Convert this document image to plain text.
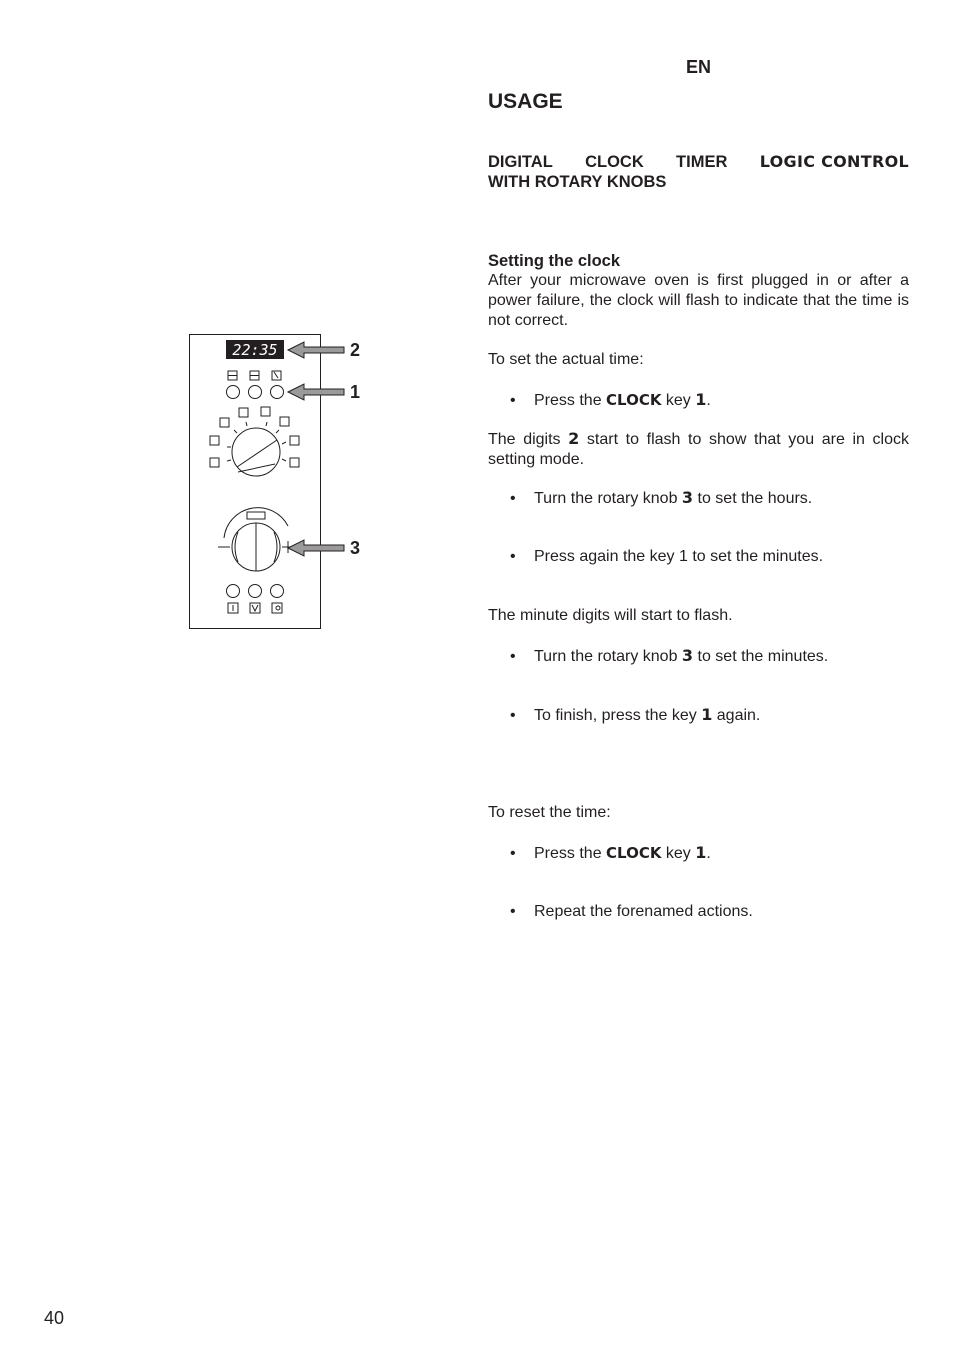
EN
USAGE
DIGITAL CLOCK TIMER LOGIC CONTROL
WITH ROTARY KNOBS
Setting the clock
After your microwave oven is first plugged in or after a power failure, the clock will flash to indicate that the time is not correct.
To set the actual time:
• Press the CLOCK key 1.
The digits 2 start to flash to show that you are in clock setting mode.
• Turn the rotary knob 3 to set the hours.
• Press again the key 1 to set the minutes.
The minute digits will start to flash.
• Turn the rotary knob 3 to set the minutes.
• To finish, press the key 1 again.
To reset the time:
• Press the CLOCK key 1.
• Repeat the forenamed actions.
22:35	2
1
3
40
